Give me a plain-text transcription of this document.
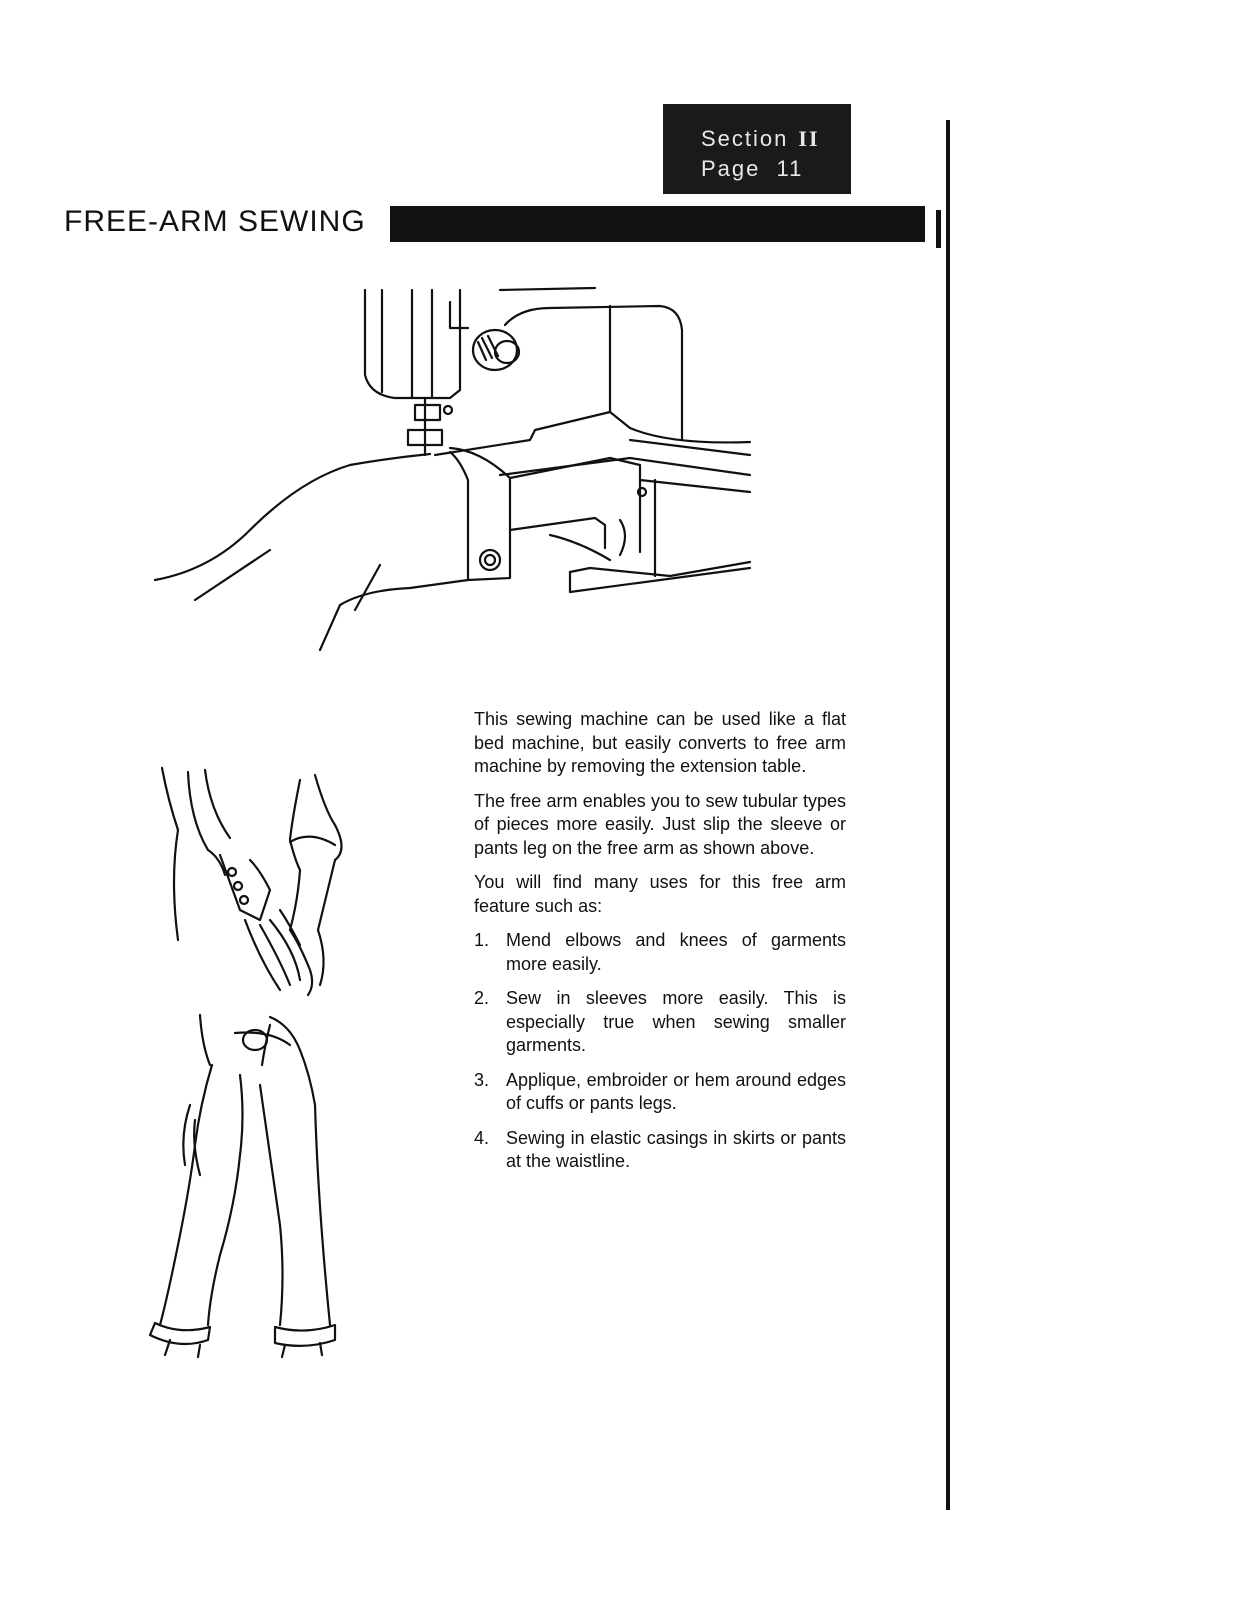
Section II
Page 11
FREE-ARM SEWING

This sewing machine can be used like a flat bed machine, but easily converts to free arm machine by removing the extension table.

The free arm enables you to sew tubular types of pieces more easily. Just slip the sleeve or pants leg on the free arm as shown above.

You will find many uses for this free arm feature such as:

1. Mend elbows and knees of garments more easily.
2. Sew in sleeves more easily. This is especially true when sewing smaller garments.
3. Applique, embroider or hem around edges of cuffs or pants legs.
4. Sewing in elastic casings in skirts or pants at the waistline.
